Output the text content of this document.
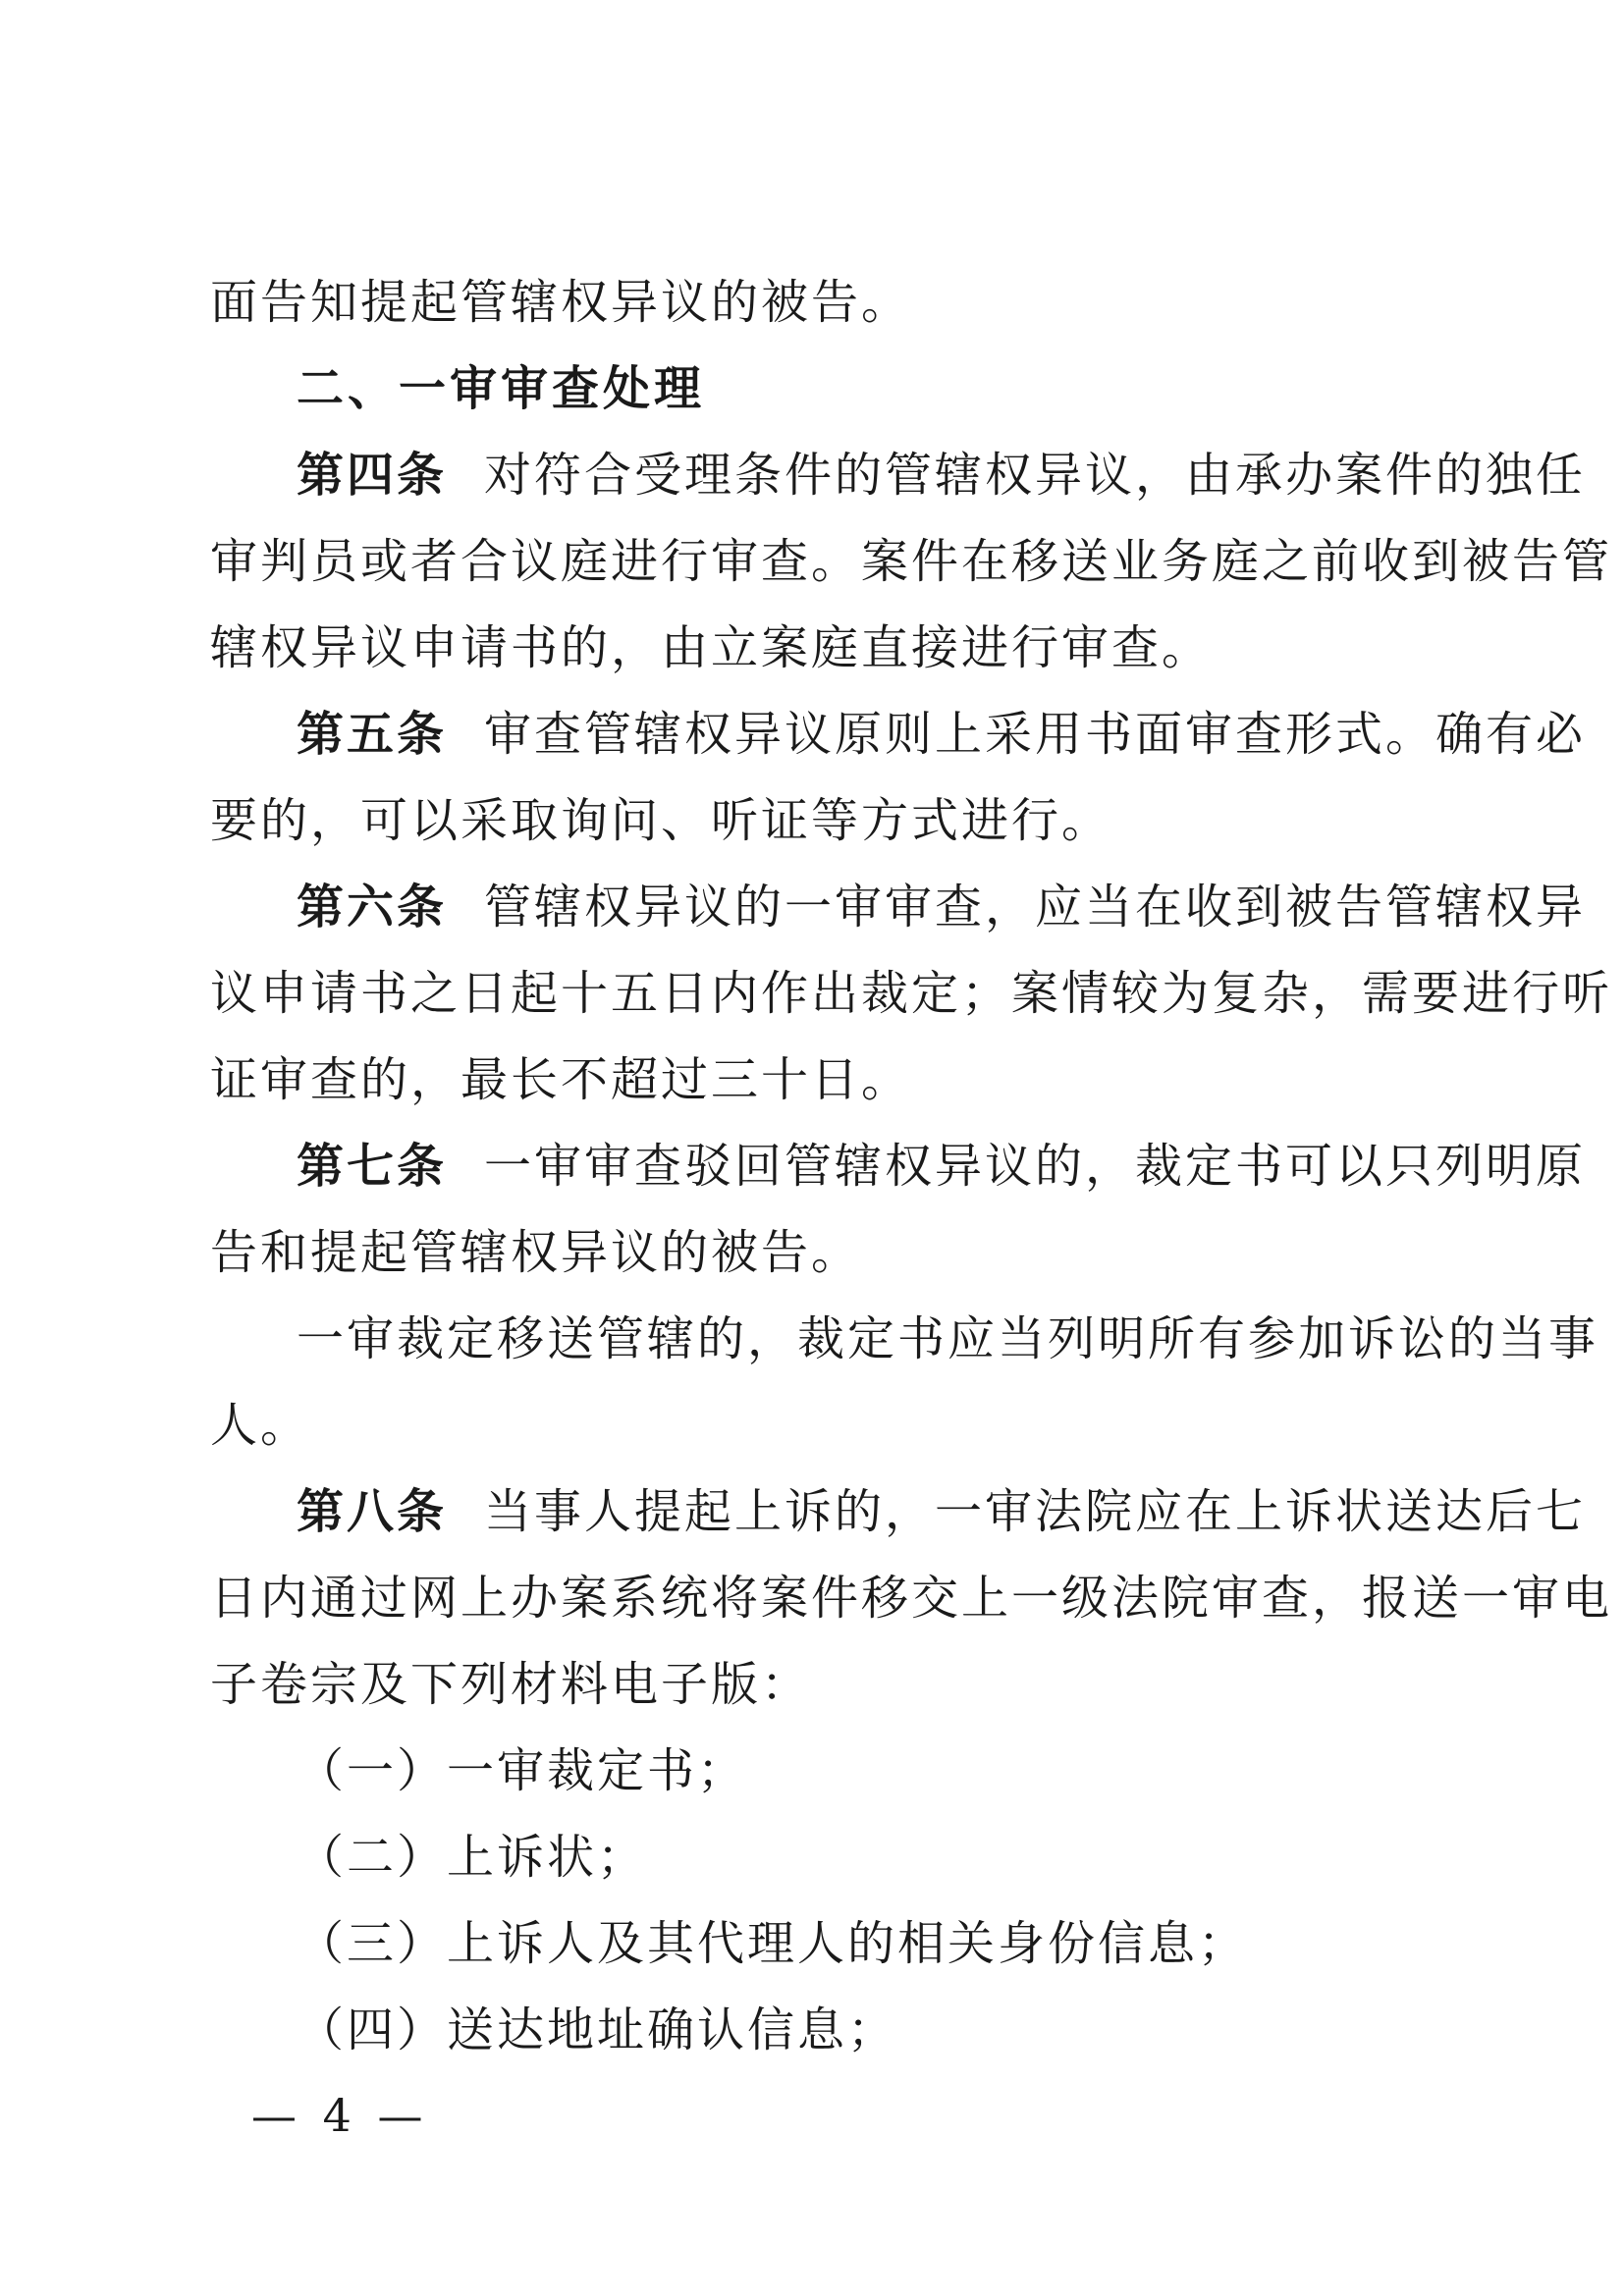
面告知提起管辖权异议的被告。
二、一审审查处理
第四条 对符合受理条件的管辖权异议，由承办案件的独任
审判员或者合议庭进行审查。案件在移送业务庭之前收到被告管
辖权异议申请书的，由立案庭直接进行审查。
第五条 审查管辖权异议原则上采用书面审查形式。确有必
要的，可以采取询问、听证等方式进行。
第六条 管辖权异议的一审审查，应当在收到被告管辖权异
议申请书之日起十五日内作出裁定；案情较为复杂，需要进行听
证审查的，最长不超过三十日。
第七条 一审审查驳回管辖权异议的，裁定书可以只列明原
告和提起管辖权异议的被告。
一审裁定移送管辖的，裁定书应当列明所有参加诉讼的当事
人。
第八条 当事人提起上诉的，一审法院应在上诉状送达后七
日内通过网上办案系统将案件移交上一级法院审查，报送一审电
子卷宗及下列材料电子版：
（一）一审裁定书；
（二）上诉状；
（三）上诉人及其代理人的相关身份信息；
（四）送达地址确认信息；
— 4 —
